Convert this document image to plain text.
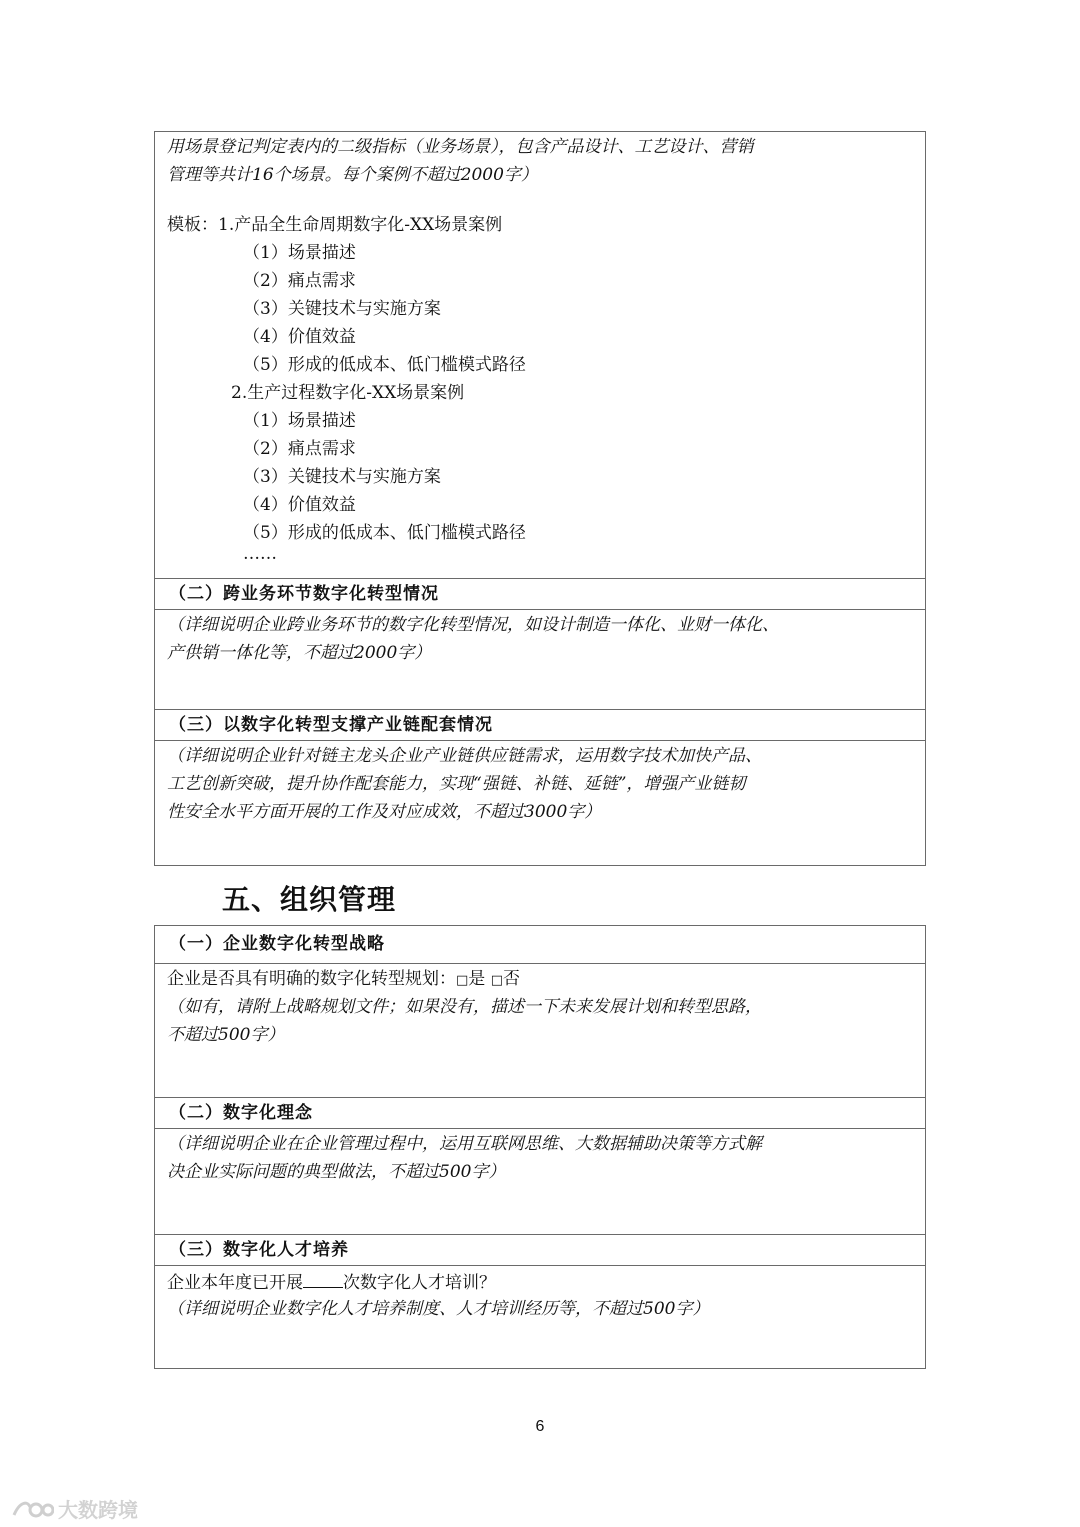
用场景登记判定表内的二级指标（业务场景），包含产品设计、工艺设计、营销
管理等共计16个场景。每个案例不超过2000字）
模板：1.产品全生命周期数字化-XX场景案例
（1）场景描述
（2）痛点需求
（3）关键技术与实施方案
（4）价值效益
（5）形成的低成本、低门槛模式路径
2.生产过程数字化-XX场景案例
（1）场景描述
（2）痛点需求
（3）关键技术与实施方案
（4）价值效益
（5）形成的低成本、低门槛模式路径
……
（二）跨业务环节数字化转型情况
（详细说明企业跨业务环节的数字化转型情况，如设计制造一体化、业财一体化、
产供销一体化等，不超过2000字）
（三）以数字化转型支撑产业链配套情况
（详细说明企业针对链主龙头企业产业链供应链需求，运用数字技术加快产品、
工艺创新突破，提升协作配套能力，实现“强链、补链、延链”，增强产业链韧
性安全水平方面开展的工作及对应成效，不超过3000字）
五、组织管理
（一）企业数字化转型战略
企业是否具有明确的数字化转型规划：□是 □否
（如有，请附上战略规划文件；如果没有，描述一下未来发展计划和转型思路，
不超过500字）
（二）数字化理念
（详细说明企业在企业管理过程中，运用互联网思维、大数据辅助决策等方式解
决企业实际问题的典型做法，不超过500字）
（三）数字化人才培养
企业本年度已开展 次数字化人才培训？
（详细说明企业数字化人才培养制度、人才培训经历等，不超过500字）
6
大数跨境
